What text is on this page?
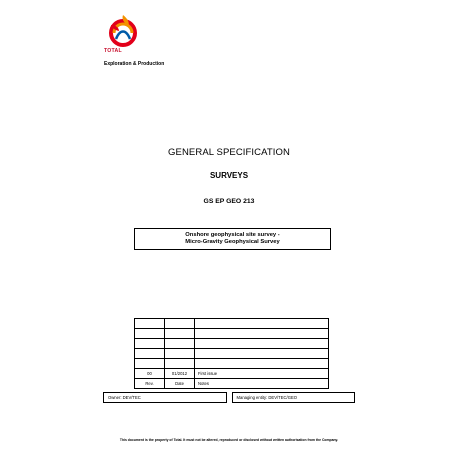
TOTAL
Exploration & Production
GENERAL SPECIFICATION
SURVEYS
GS EP GEO 213
Onshore geophysical site survey -
Micro-Gravity Geophysical Survey

00	01/2012	First issue
Rev.	Date	Notes
Owner: DEV/TEC		Managing entity: DEV/TEC/GEO
This document is the property of Total. It must not be altered, reproduced or disclosed without written authorisation from the Company.
